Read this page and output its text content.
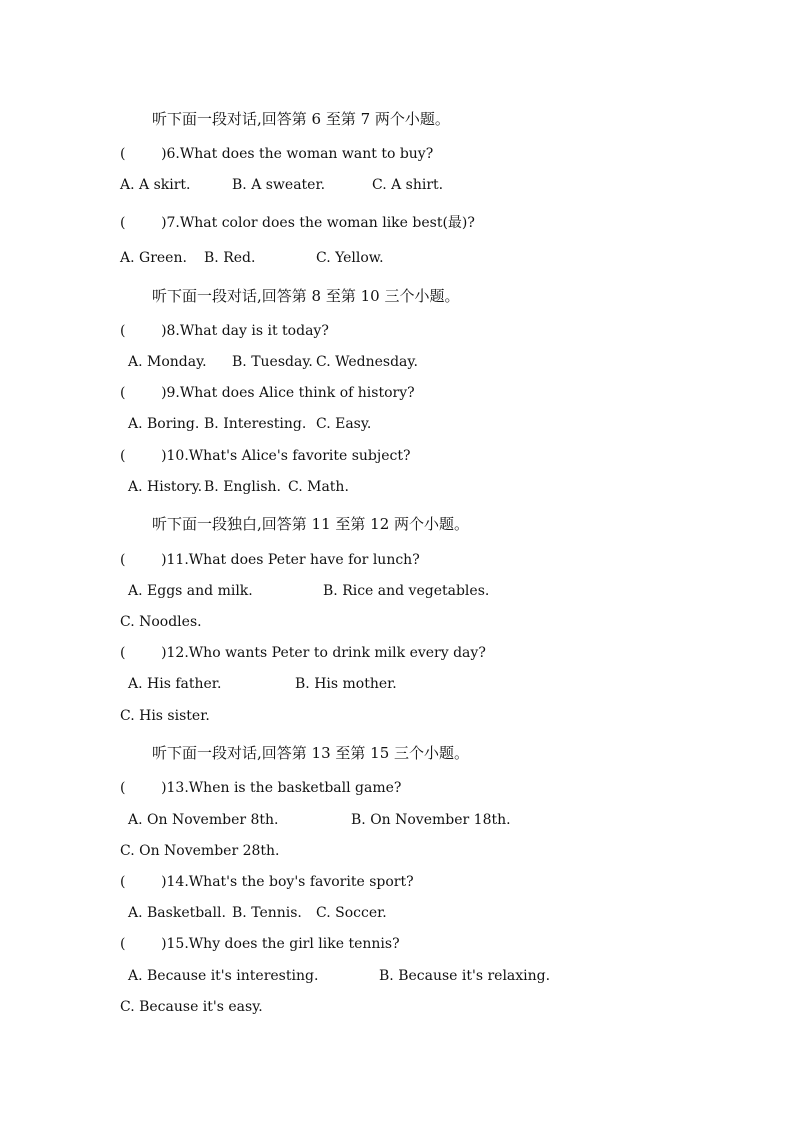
听下面一段对话,回答第 6 至第 7 两个小题。
(        )6.What does the woman want to buy?
A. A skirt.	B. A sweater.	C. A shirt.
(        )7.What color does the woman like best(最)?
A. Green. B. Red.	C. Yellow.
听下面一段对话,回答第 8 至第 10 三个小题。
(        )8.What day is it today?
A. Monday. B. Tuesday. C. Wednesday.
(        )9.What does Alice think of history?
A. Boring. B. Interesting. C. Easy.
(        )10.What's Alice's favorite subject?
A. History. B. English. C. Math.
听下面一段独白,回答第 11 至第 12 两个小题。
(        )11.What does Peter have for lunch?
A. Eggs and milk.	B. Rice and vegetables.
C. Noodles.
(        )12.Who wants Peter to drink milk every day?
A. His father.	B. His mother.
C. His sister.
听下面一段对话,回答第 13 至第 15 三个小题。
(        )13.When is the basketball game?
A. On November 8th.	B. On November 18th.
C. On November 28th.
(        )14.What's the boy's favorite sport?
A. Basketball. B. Tennis. C. Soccer.
(        )15.Why does the girl like tennis?
A. Because it's interesting.	B. Because it's relaxing.
C. Because it's easy.
